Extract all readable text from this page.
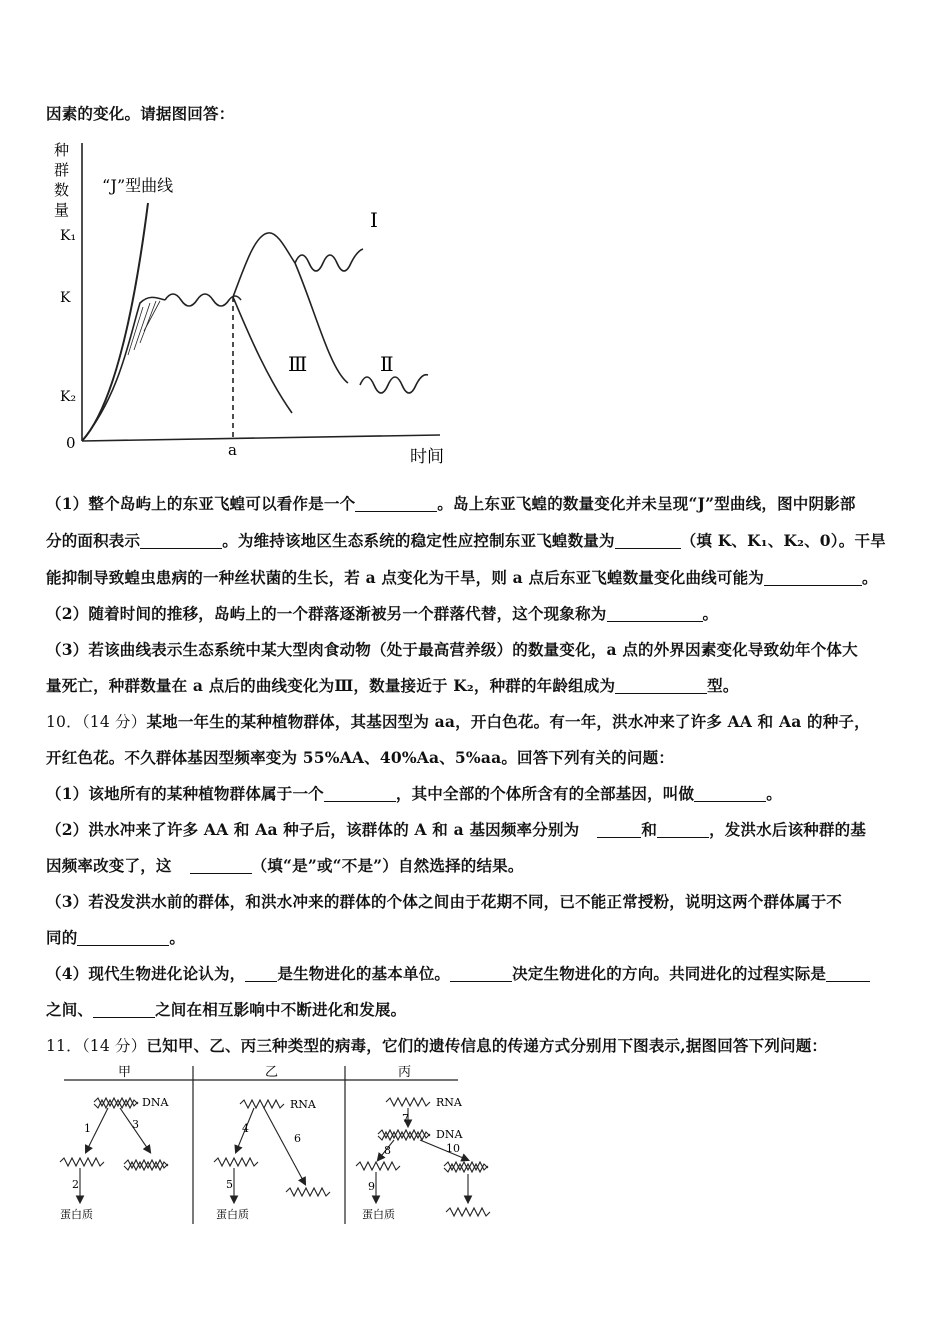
因素的变化。请据图回答：
种
群
数
量
“J”型曲线
K₁
K
K₂
0	a	时间
Ⅰ
Ⅱ
Ⅲ
（1）整个岛屿上的东亚飞蝗可以看作是一个	。岛上东亚飞蝗的数量变化并未呈现“J”型曲线，图中阴影部
分的面积表示	。为维持该地区生态系统的稳定性应控制东亚飞蝗数量为	（填 K、K₁、K₂、0）。干旱
能抑制导致蝗虫患病的一种丝状菌的生长，若 a 点变化为干旱，则 a 点后东亚飞蝗数量变化曲线可能为	。
（2）随着时间的推移，岛屿上的一个群落逐渐被另一个群落代替，这个现象称为	。
（3）若该曲线表示生态系统中某大型肉食动物（处于最高营养级）的数量变化，a 点的外界因素变化导致幼年个体大
量死亡，种群数量在 a 点后的曲线变化为Ⅲ，数量接近于 K₂，种群的年龄组成为	型。
10．（14 分）某地一年生的某种植物群体，其基因型为 aa，开白色花。有一年，洪水冲来了许多 AA 和 Aa 的种子，
开红色花。不久群体基因型频率变为 55%AA、40%Aa、5%aa。回答下列有关的问题：
（1）该地所有的某种植物群体属于一个	，其中全部的个体所含有的全部基因，叫做	。
（2）洪水冲来了许多 AA 和 Aa 种子后，该群体的 A 和 a 基因频率分别为	和	，发洪水后该种群的基
因频率改变了，这	（填“是”或“不是”）自然选择的结果。
（3）若没发洪水前的群体，和洪水冲来的群体的个体之间由于花期不同，已不能正常授粉，说明这两个群体属于不
同的	。
（4）现代生物进化论认为， 是生物进化的基本单位。	决定生物进化的方向。共同进化的过程实际是
之间、	之间在相互影响中不断进化和发展。
11．（14 分）已知甲、乙、丙三种类型的病毒，它们的遗传信息的传递方式分别用下图表示,据图回答下列问题：
甲	乙	丙
DNA
1	3
2
蛋白质
RNA
4
6
5
蛋白质
RNA
DNA
7
8	10
9
蛋白质
